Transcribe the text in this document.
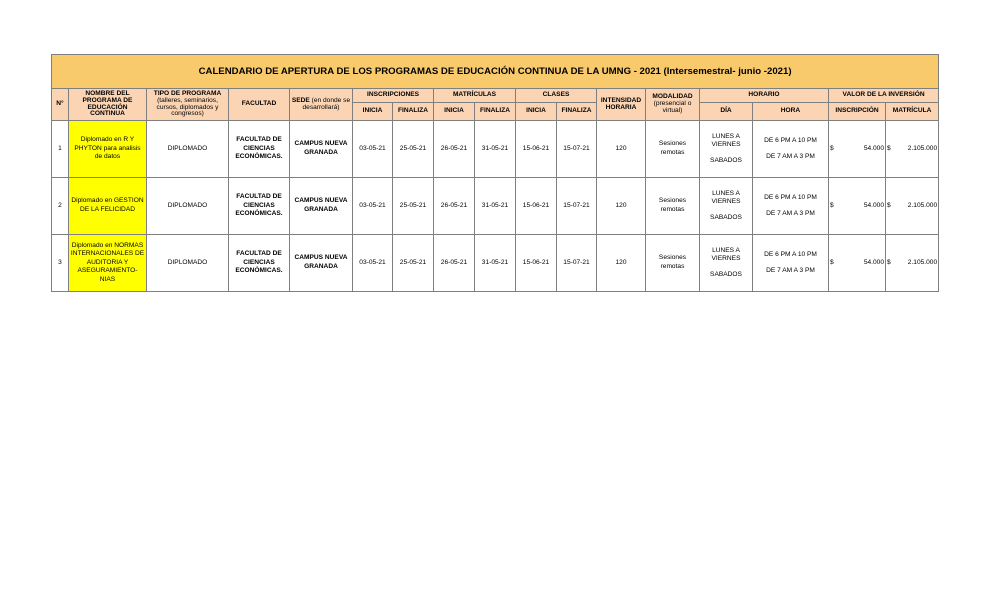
CALENDARIO DE APERTURA DE LOS PROGRAMAS DE EDUCACIÓN CONTINUA DE LA UMNG - 2021 (Intersemestral- junio -2021)																
N°	NOMBRE DEL PROGRAMA DE EDUCACIÓN CONTINUA	TIPO DE PROGRAMA
(talleres, seminarios, cursos, diplomados y congresos)	FACULTAD	SEDE (en donde se desarrollará)	INSCRIPCIONES		MATRÍCULAS		CLASES		INTENSIDAD HORARIA	MODALIDAD
(presencial o virtual)	HORARIO		VALOR DE LA INVERSIÓN	
					INICIA	FINALIZA	INICIA	FINALIZA	INICIA	FINALIZA			DÍA	HORA	INSCRIPCIÓN	MATRÍCULA
1	Diplomado en R Y PHYTON para analisis de datos	DIPLOMADO	FACULTAD DE CIENCIAS ECONÓMICAS.	CAMPUS NUEVA GRANADA	03-05-21	25-05-21	26-05-21	31-05-21	15-06-21	15-07-21	120	Sesiones remotas	LUNES A VIERNES
SABADOS	DE 6 PM A 10 PM
DE 7 AM A 3 PM	$ 54.000	$ 2.105.000

2	Diplomado en GESTION DE LA FELICIDAD	DIPLOMADO	FACULTAD DE CIENCIAS ECONÓMICAS.	CAMPUS NUEVA GRANADA	03-05-21	25-05-21	26-05-21	31-05-21	15-06-21	15-07-21	120	Sesiones remotas	LUNES A VIERNES
SABADOS	DE 6 PM A 10 PM
DE 7 AM A 3 PM	$ 54.000	$ 2.105.000

3	Diplomado en NORMAS INTERNACIONALES DE AUDITORIA Y ASEGURAMIENTO-NIAS	DIPLOMADO	FACULTAD DE CIENCIAS ECONÓMICAS.	CAMPUS NUEVA GRANADA	03-05-21	25-05-21	26-05-21	31-05-21	15-06-21	15-07-21	120	Sesiones remotas	LUNES A VIERNES
SABADOS	DE 6 PM A 10 PM
DE 7 AM A 3 PM	$ 54.000	$ 2.105.000
